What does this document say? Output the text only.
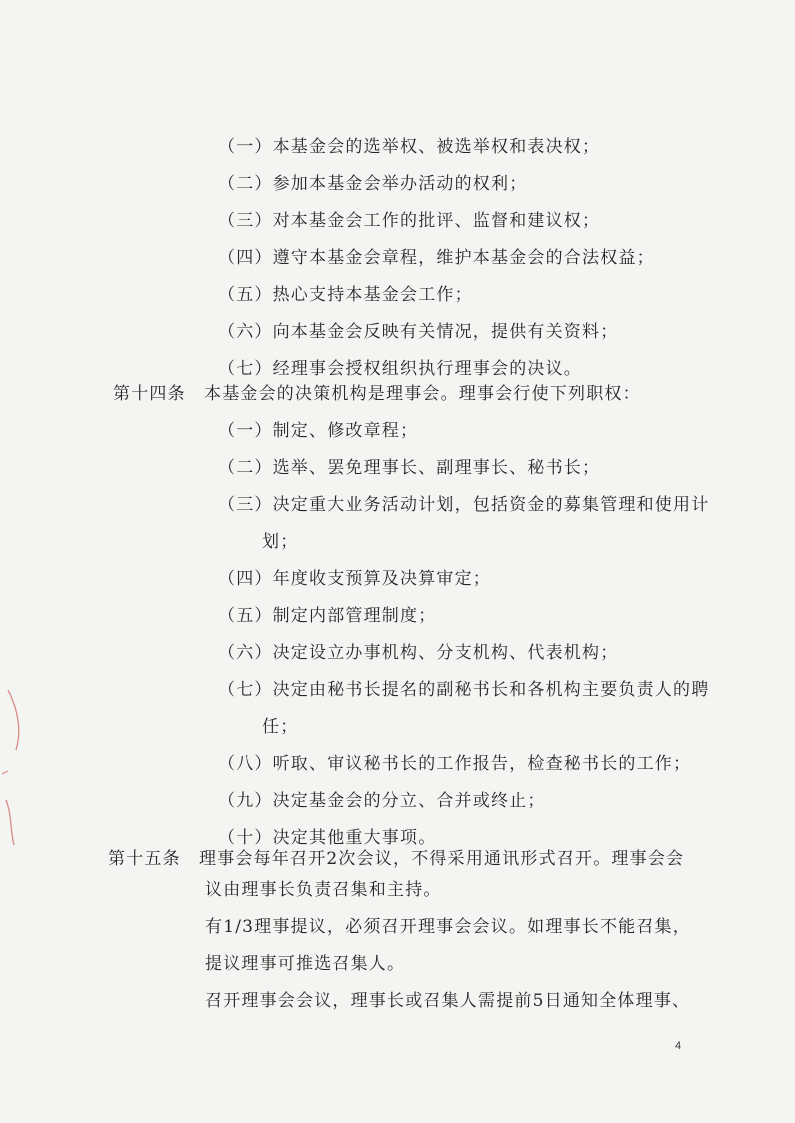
（一）本基金会的选举权、被选举权和表决权；
（二）参加本基金会举办活动的权利；
（三）对本基金会工作的批评、监督和建议权；
（四）遵守本基金会章程，维护本基金会的合法权益；
（五）热心支持本基金会工作；
（六）向本基金会反映有关情况，提供有关资料；
（七）经理事会授权组织执行理事会的决议。
第十四条　本基金会的决策机构是理事会。理事会行使下列职权：
（一）制定、修改章程；
（二）选举、罢免理事长、副理事长、秘书长；
（三）决定重大业务活动计划，包括资金的募集管理和使用计
划；
（四）年度收支预算及决算审定；
（五）制定内部管理制度；
（六）决定设立办事机构、分支机构、代表机构；
（七）决定由秘书长提名的副秘书长和各机构主要负责人的聘
任；
（八）听取、审议秘书长的工作报告，检查秘书长的工作；
（九）决定基金会的分立、合并或终止；
（十）决定其他重大事项。
第十五条　理事会每年召开2次会议，不得采用通讯形式召开。理事会会
议由理事长负责召集和主持。
有1/3理事提议，必须召开理事会会议。如理事长不能召集，
提议理事可推选召集人。
召开理事会会议，理事长或召集人需提前5日通知全体理事、
4
